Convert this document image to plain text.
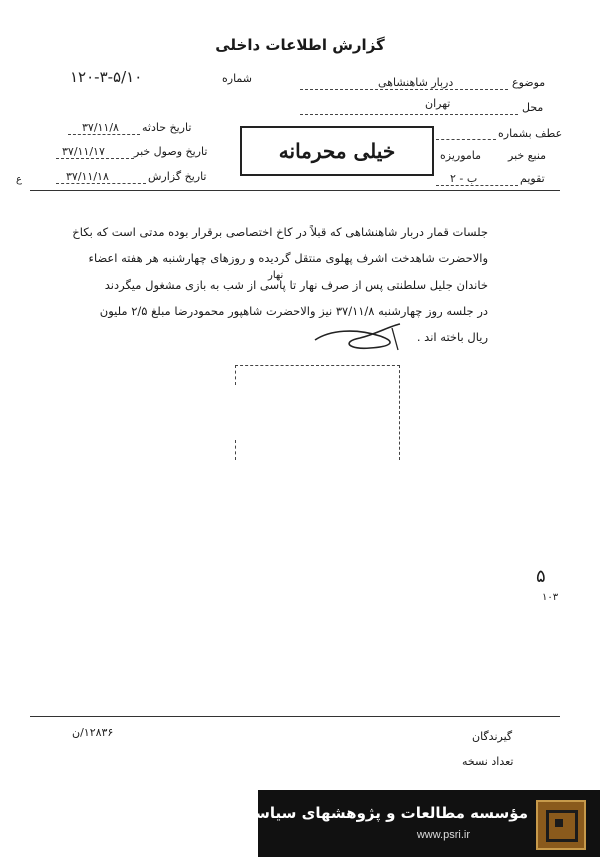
گزارش اطلاعات داخلی
شماره
۱۲۰-۳-۵/۱۰
تاریخ حادثه
۳۷/۱۱/۸
تاریخ وصول خبر
۳۷/۱۱/۱۷
تاریخ گزارش
۳۷/۱۱/۱۸
موضوع
دربار شاهنشاهی
محل
تهران
عطف بشماره
منبع خبر
ماموریزه
تقویم
ب - ۲
خیلی محرمانه
ع
جلسات قمار دربار شاهنشاهی که قبلاً در کاخ اختصاصی برقرار بوده مدتی است که بکاخ
والاحضرت شاهدخت اشرف پهلوی منتقل گردیده و روزهای چهارشنبه هر هفته اعضاء
نهار
خاندان جلیل سلطنتی پس از صرف نهار تا پاسی از شب به بازی مشغول میگردند
در جلسه روز چهارشنبه ۳۷/۱۱/۸ نیز والاحضرت شاهپور محمودرضا مبلغ ۲/۵ ملیون
ریال باخته اند .
۵
۱۰۳
۱۲۸۳۶/ن	گیرندگان
تعداد نسخه
مؤسسه مطالعات و پژوهشهای سیاسی
www.psri.ir
